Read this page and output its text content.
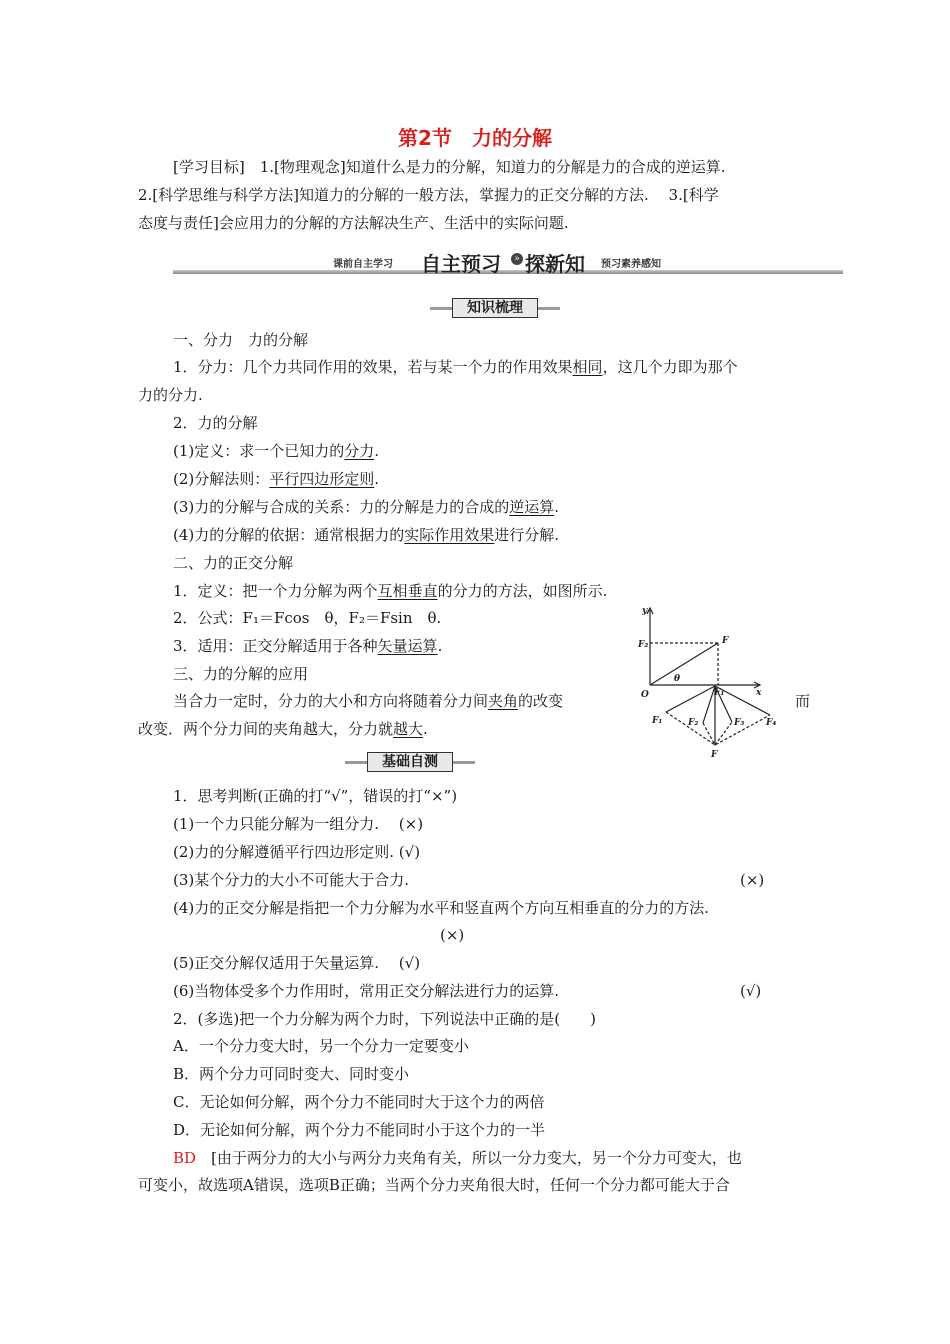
第2节　力的分解
[学习目标]　1.[物理观念]知道什么是力的分解，知道力的分解是力的合成的逆运算.
2.[科学思维与科学方法]知道力的分解的一般方法，掌握力的正交分解的方法.　 3.[科学
态度与责任]会应用力的分解的方法解决生产、生活中的实际问题.
课前自主学习 自主预习	» 探新知 预习素养感知
知识梳理
一、分力　力的分解
1．分力：几个力共同作用的效果，若与某一个力的作用效果相同，这几个力即为那个
力的分力.
2．力的分解
(1)定义：求一个已知力的分力.
(2)分解法则：平行四边形定则.
(3)力的分解与合成的关系：力的分解是力的合成的逆运算.
(4)力的分解的依据：通常根据力的实际作用效果进行分解.
二、力的正交分解
1．定义：把一个力分解为两个互相垂直的分力的方法，如图所示.
2．公式：F₁＝Fcos　θ，F₂＝Fsin　θ.
3．适用：正交分解适用于各种矢量运算.
三、力的分解的应用
当合力一定时，分力的大小和方向将随着分力间夹角的改变	而
改变．两个分力间的夹角越大，分力就越大.
y
x
O
F₂	F
θ
F₁
F₁	F₂	F₃ F₄
F
基础自测
1．思考判断(正确的打“√”，错误的打“×”)
(1)一个力只能分解为一组分力.　 (×)
(2)力的分解遵循平行四边形定则. (√)
(3)某个分力的大小不可能大于合力.	(×)
(4)力的正交分解是指把一个力分解为水平和竖直两个方向互相垂直的分力的方法.
(×)
(5)正交分解仅适用于矢量运算.　 (√)
(6)当物体受多个力作用时，常用正交分解法进行力的运算.	(√)
2．(多选)把一个力分解为两个力时，下列说法中正确的是(　　)
A．一个分力变大时，另一个分力一定要变小
B．两个分力可同时变大、同时变小
C．无论如何分解，两个分力不能同时大于这个力的两倍
D．无论如何分解，两个分力不能同时小于这个力的一半
BD　[由于两分力的大小与两分力夹角有关，所以一分力变大，另一个分力可变大，也
可变小，故选项A错误，选项B正确；当两个分力夹角很大时，任何一个分力都可能大于合
